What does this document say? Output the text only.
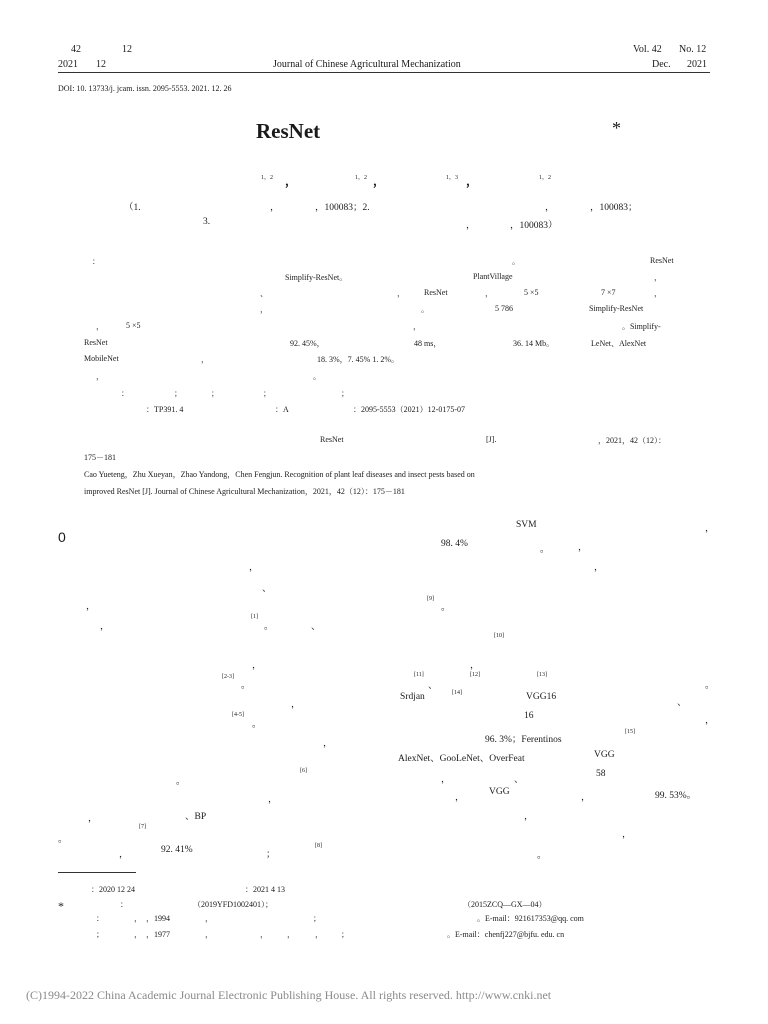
42	12
2021 12	Journal of Chinese Agricultural Mechanization
Vol. 42 No. 12
Dec. 2021
DOI: 10. 13733/j. jcam. issn. 2095-5553. 2021. 12. 26
ResNet	*
1，2 ，	1，2 ，	1，3 ，	1，2
（1.	，	，100083；2.	，	，100083；
3.	，	，100083）
：	。	ResNet
Simplify-ResNet。	PlantVillage	，
、	， ResNet	，	5 ×5	7 ×7	，
，	。	5 786	Simplify-ResNet
，	5 ×5	，	。Simplify-
ResNet	92. 45%，	48 ms，	36. 14 Mb。	LeNet、AlexNet
MobileNet	，	18. 3%，7. 45% 1. 2%。
，	。
：	；	；	；	；
：TP391. 4	：A	：2095-5553（2021）12-0175-07
ResNet	[J].	，2021，42（12）：
175－181
Cao Yueteng，Zhu Xueyan，Zhao Yandong，Chen Fengjun. Recognition of plant leaf diseases and insect pests based on
improved ResNet [J]. Journal of Chinese Agricultural Mechanization，2021，42（12）：175－181
0
，
、
，
[1]
。	、
，
，
[2-3]
。
，
[4-5]
。
，
。
[6]
，
，	、BP
。
[7]
，	92. 41%	；
[8]
SVM	，
98. 4%
。	，
，
[9]
。
[10]
，
[11]
、
[12]	[13]
。
Srdjan	[14]	VGG16
、
16	，
96. 3%；Ferentinos
[15]
AlexNet、GooLeNet、OverFeat	VGG
，	、
58
，
VGG
，	99. 53%。
，
，
。
：2020 12 24	：2021 4 13
*	：	（2019YFD1002401）；	（2015ZCQ—GX—04）
：	， ，1994	，	；	。E-mail：921617353@qq. com
；	， ，1977	，	， ，	， ；	。E-mail：chenfj227@bjfu. edu. cn
(C)1994-2022 China Academic Journal Electronic Publishing House. All rights reserved. http://www.cnki.net
